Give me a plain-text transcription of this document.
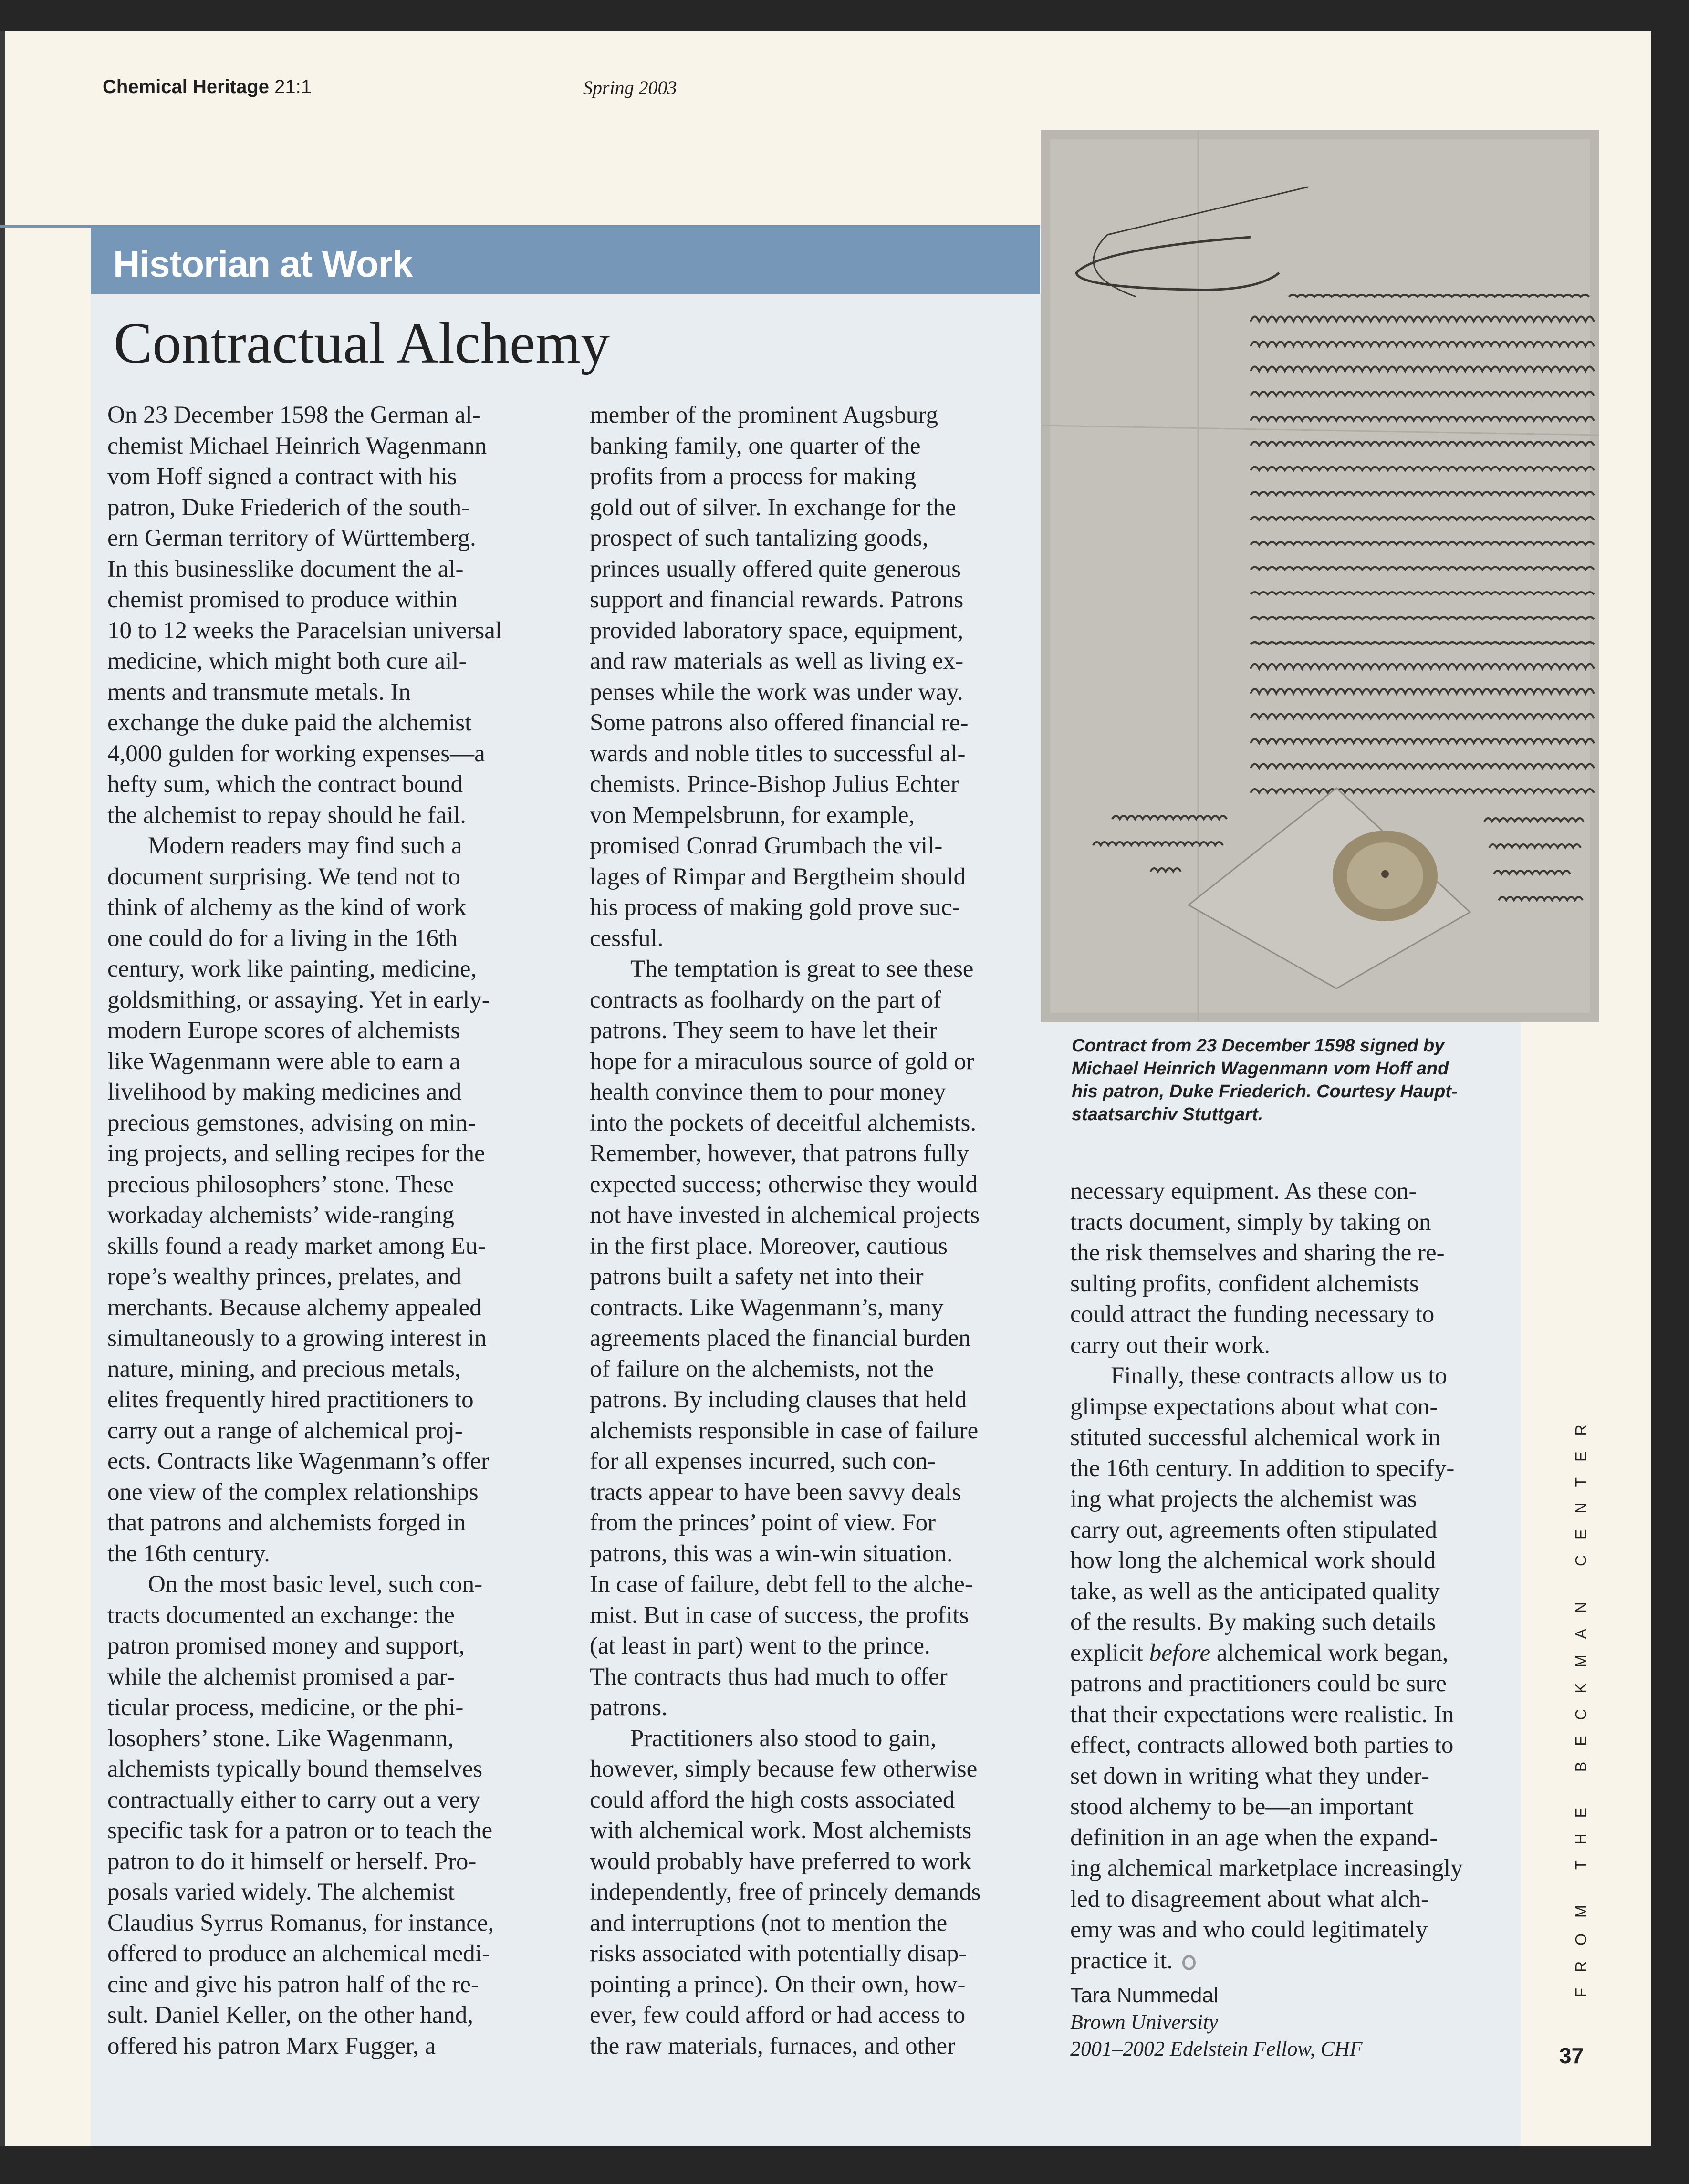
Chemical Heritage 21:1	Spring 2003
Historian at Work
Contractual Alchemy
On 23 December 1598 the German al-
chemist Michael Heinrich Wagenmann
vom Hoff signed a contract with his
patron, Duke Friederich of the south-
ern German territory of Württemberg.
In this businesslike document the al-
chemist promised to produce within
10 to 12 weeks the Paracelsian universal
medicine, which might both cure ail-
ments and transmute metals. In
exchange the duke paid the alchemist
4,000 gulden for working expenses—a
hefty sum, which the contract bound
the alchemist to repay should he fail.
Modern readers may find such a
document surprising. We tend not to
think of alchemy as the kind of work
one could do for a living in the 16th
century, work like painting, medicine,
goldsmithing, or assaying. Yet in early-
modern Europe scores of alchemists
like Wagenmann were able to earn a
livelihood by making medicines and
precious gemstones, advising on min-
ing projects, and selling recipes for the
precious philosophers’ stone. These
workaday alchemists’ wide-ranging
skills found a ready market among Eu-
rope’s wealthy princes, prelates, and
merchants. Because alchemy appealed
simultaneously to a growing interest in
nature, mining, and precious metals,
elites frequently hired practitioners to
carry out a range of alchemical proj-
ects. Contracts like Wagenmann’s offer
one view of the complex relationships
that patrons and alchemists forged in
the 16th century.
On the most basic level, such con-
tracts documented an exchange: the
patron promised money and support,
while the alchemist promised a par-
ticular process, medicine, or the phi-
losophers’ stone. Like Wagenmann,
alchemists typically bound themselves
contractually either to carry out a very
specific task for a patron or to teach the
patron to do it himself or herself. Pro-
posals varied widely. The alchemist
Claudius Syrrus Romanus, for instance,
offered to produce an alchemical medi-
cine and give his patron half of the re-
sult. Daniel Keller, on the other hand,
offered his patron Marx Fugger, a
member of the prominent Augsburg
banking family, one quarter of the
profits from a process for making
gold out of silver. In exchange for the
prospect of such tantalizing goods,
princes usually offered quite generous
support and financial rewards. Patrons
provided laboratory space, equipment,
and raw materials as well as living ex-
penses while the work was under way.
Some patrons also offered financial re-
wards and noble titles to successful al-
chemists. Prince-Bishop Julius Echter
von Mempelsbrunn, for example,
promised Conrad Grumbach the vil-
lages of Rimpar and Bergtheim should
his process of making gold prove suc-
cessful.
The temptation is great to see these
contracts as foolhardy on the part of
patrons. They seem to have let their
hope for a miraculous source of gold or
health convince them to pour money
into the pockets of deceitful alchemists.
Remember, however, that patrons fully
expected success; otherwise they would
not have invested in alchemical projects
in the first place. Moreover, cautious
patrons built a safety net into their
contracts. Like Wagenmann’s, many
agreements placed the financial burden
of failure on the alchemists, not the
patrons. By including clauses that held
alchemists responsible in case of failure
for all expenses incurred, such con-
tracts appear to have been savvy deals
from the princes’ point of view. For
patrons, this was a win-win situation.
In case of failure, debt fell to the alche-
mist. But in case of success, the profits
(at least in part) went to the prince.
The contracts thus had much to offer
patrons.
Practitioners also stood to gain,
however, simply because few otherwise
could afford the high costs associated
with alchemical work. Most alchemists
would probably have preferred to work
independently, free of princely demands
and interruptions (not to mention the
risks associated with potentially disap-
pointing a prince). On their own, how-
ever, few could afford or had access to
the raw materials, furnaces, and other
necessary equipment. As these con-
tracts document, simply by taking on
the risk themselves and sharing the re-
sulting profits, confident alchemists
could attract the funding necessary to
carry out their work.
Finally, these contracts allow us to
glimpse expectations about what con-
stituted successful alchemical work in
the 16th century. In addition to specify-
ing what projects the alchemist was
carry out, agreements often stipulated
how long the alchemical work should
take, as well as the anticipated quality
of the results. By making such details
explicit before alchemical work began,
patrons and practitioners could be sure
that their expectations were realistic. In
effect, contracts allowed both parties to
set down in writing what they under-
stood alchemy to be—an important
definition in an age when the expand-
ing alchemical marketplace increasingly
led to disagreement about what alch-
emy was and who could legitimately
practice it.
Contract from 23 December 1598 signed by
Michael Heinrich Wagenmann vom Hoff and
his patron, Duke Friederich. Courtesy Haupt-
staatsarchiv Stuttgart.
Tara Nummedal
Brown University
2001–2002 Edelstein Fellow, CHF
FROM THE BECKMAN CENTER
37
